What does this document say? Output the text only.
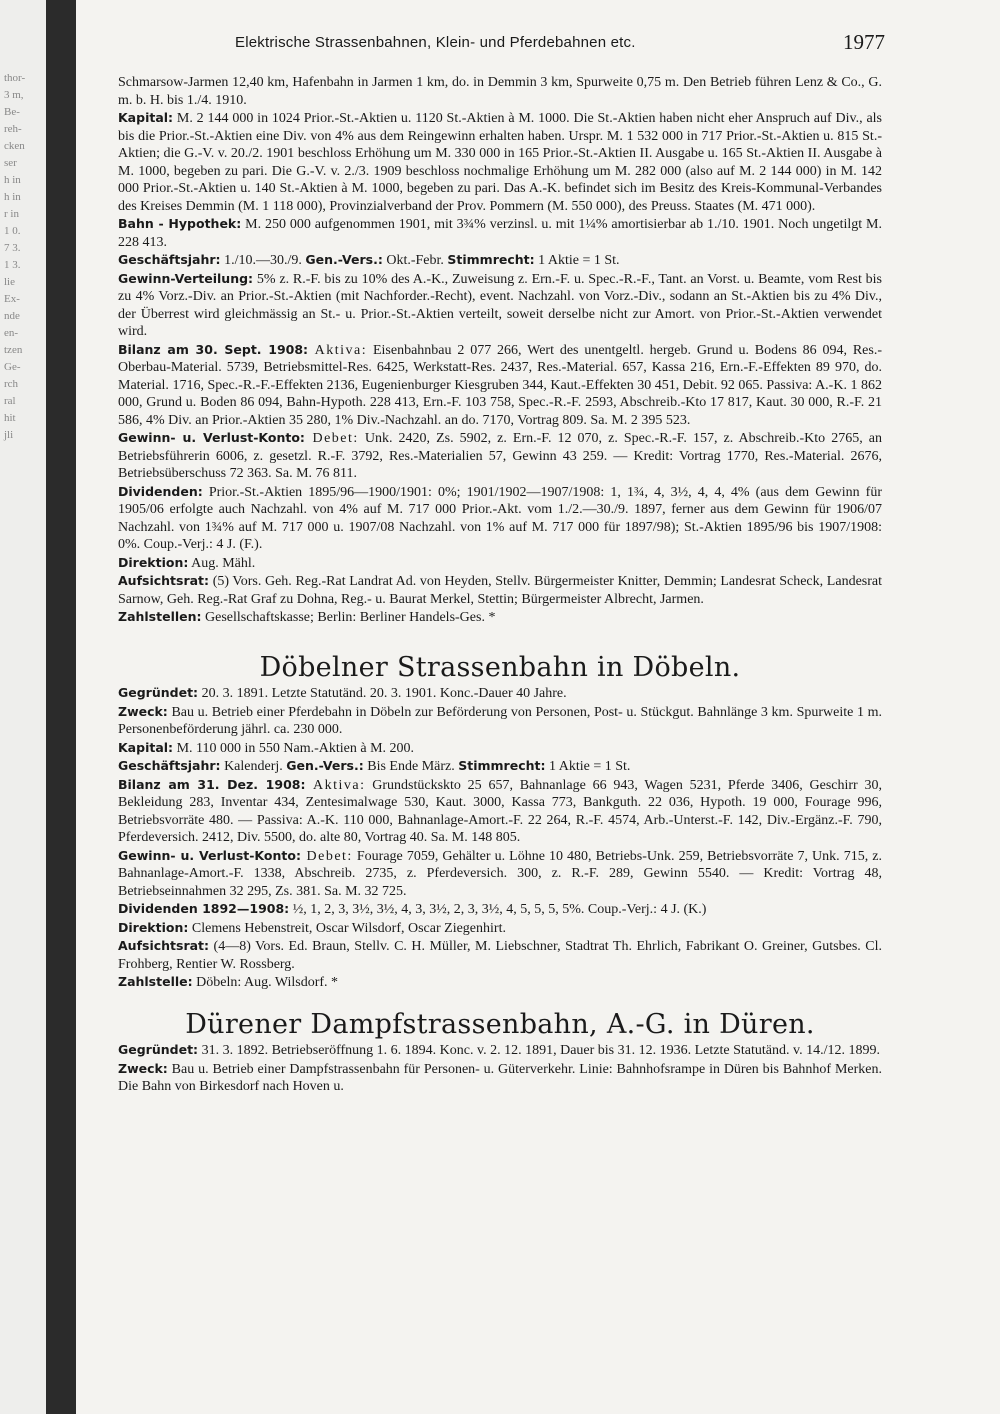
thor-
3 m,
Be-
reh-
cken
ser
h in
h in
r in
1 0.
7 3.
1 3.
lie
Ex-
nde
en-
tzen
Ge-
rch
ral
hit
jli
Elektrische Strassenbahnen, Klein- und Pferdebahnen etc.	1977

Schmarsow-Jarmen 12,40 km, Hafenbahn in Jarmen 1 km, do. in Demmin 3 km, Spurweite 0,75 m. Den Betrieb führen Lenz & Co., G. m. b. H. bis 1./4. 1910.

Kapital: M. 2 144 000 in 1024 Prior.-St.-Aktien u. 1120 St.-Aktien à M. 1000. Die St.-Aktien haben nicht eher Anspruch auf Div., als bis die Prior.-St.-Aktien eine Div. von 4% aus dem Reingewinn erhalten haben. Urspr. M. 1 532 000 in 717 Prior.-St.-Aktien u. 815 St.-Aktien; die G.-V. v. 20./2. 1901 beschloss Erhöhung um M. 330 000 in 165 Prior.-St.-Aktien II. Ausgabe u. 165 St.-Aktien II. Ausgabe à M. 1000, begeben zu pari. Die G.-V. v. 2./3. 1909 beschloss nochmalige Erhöhung um M. 282 000 (also auf M. 2 144 000) in M. 142 000 Prior.-St.-Aktien u. 140 St.-Aktien à M. 1000, begeben zu pari. Das A.-K. befindet sich im Besitz des Kreis-Kommunal-Verbandes des Kreises Demmin (M. 1 118 000), Provinzialverband der Prov. Pommern (M. 550 000), des Preuss. Staates (M. 471 000).

Bahn - Hypothek: M. 250 000 aufgenommen 1901, mit 3¾% verzinsl. u. mit 1¼% amortisierbar ab 1./10. 1901. Noch ungetilgt M. 228 413.

Geschäftsjahr: 1./10.—30./9. Gen.-Vers.: Okt.-Febr. Stimmrecht: 1 Aktie = 1 St.

Gewinn-Verteilung: 5% z. R.-F. bis zu 10% des A.-K., Zuweisung z. Ern.-F. u. Spec.-R.-F., Tant. an Vorst. u. Beamte, vom Rest bis zu 4% Vorz.-Div. an Prior.-St.-Aktien (mit Nachforder.-Recht), event. Nachzahl. von Vorz.-Div., sodann an St.-Aktien bis zu 4% Div., der Überrest wird gleichmässig an St.- u. Prior.-St.-Aktien verteilt, soweit derselbe nicht zur Amort. von Prior.-St.-Aktien verwendet wird.

Bilanz am 30. Sept. 1908: Aktiva: Eisenbahnbau 2 077 266, Wert des unentgeltl. hergeb. Grund u. Bodens 86 094, Res.-Oberbau-Material. 5739, Betriebsmittel-Res. 6425, Werkstatt-Res. 2437, Res.-Material. 657, Kassa 216, Ern.-F.-Effekten 89 970, do. Material. 1716, Spec.-R.-F.-Effekten 2136, Eugenienburger Kiesgruben 344, Kaut.-Effekten 30 451, Debit. 92 065. Passiva: A.-K. 1 862 000, Grund u. Boden 86 094, Bahn-Hypoth. 228 413, Ern.-F. 103 758, Spec.-R.-F. 2593, Abschreib.-Kto 17 817, Kaut. 30 000, R.-F. 21 586, 4% Div. an Prior.-Aktien 35 280, 1% Div.-Nachzahl. an do. 7170, Vortrag 809. Sa. M. 2 395 523.

Gewinn- u. Verlust-Konto: Debet: Unk. 2420, Zs. 5902, z. Ern.-F. 12 070, z. Spec.-R.-F. 157, z. Abschreib.-Kto 2765, an Betriebsführerin 6006, z. gesetzl. R.-F. 3792, Res.-Materialien 57, Gewinn 43 259. — Kredit: Vortrag 1770, Res.-Material. 2676, Betriebsüberschuss 72 363. Sa. M. 76 811.

Dividenden: Prior.-St.-Aktien 1895/96—1900/1901: 0%; 1901/1902—1907/1908: 1, 1¾, 4, 3½, 4, 4, 4% (aus dem Gewinn für 1905/06 erfolgte auch Nachzahl. von 4% auf M. 717 000 Prior.-Akt. vom 1./2.—30./9. 1897, ferner aus dem Gewinn für 1906/07 Nachzahl. von 1¾% auf M. 717 000 u. 1907/08 Nachzahl. von 1% auf M. 717 000 für 1897/98); St.-Aktien 1895/96 bis 1907/1908: 0%. Coup.-Verj.: 4 J. (F.).

Direktion: Aug. Mähl.

Aufsichtsrat: (5) Vors. Geh. Reg.-Rat Landrat Ad. von Heyden, Stellv. Bürgermeister Knitter, Demmin; Landesrat Scheck, Landesrat Sarnow, Geh. Reg.-Rat Graf zu Dohna, Reg.- u. Baurat Merkel, Stettin; Bürgermeister Albrecht, Jarmen.

Zahlstellen: Gesellschaftskasse; Berlin: Berliner Handels-Ges. *

Döbelner Strassenbahn in Döbeln.

Gegründet: 20. 3. 1891. Letzte Statutänd. 20. 3. 1901. Konc.-Dauer 40 Jahre.

Zweck: Bau u. Betrieb einer Pferdebahn in Döbeln zur Beförderung von Personen, Post- u. Stückgut. Bahnlänge 3 km. Spurweite 1 m. Personenbeförderung jährl. ca. 230 000.

Kapital: M. 110 000 in 550 Nam.-Aktien à M. 200.

Geschäftsjahr: Kalenderj. Gen.-Vers.: Bis Ende März. Stimmrecht: 1 Aktie = 1 St.

Bilanz am 31. Dez. 1908: Aktiva: Grundstückskto 25 657, Bahnanlage 66 943, Wagen 5231, Pferde 3406, Geschirr 30, Bekleidung 283, Inventar 434, Zentesimalwage 530, Kaut. 3000, Kassa 773, Bankguth. 22 036, Hypoth. 19 000, Fourage 996, Betriebsvorräte 480. — Passiva: A.-K. 110 000, Bahnanlage-Amort.-F. 22 264, R.-F. 4574, Arb.-Unterst.-F. 142, Div.-Ergänz.-F. 790, Pferdeversich. 2412, Div. 5500, do. alte 80, Vortrag 40. Sa. M. 148 805.

Gewinn- u. Verlust-Konto: Debet: Fourage 7059, Gehälter u. Löhne 10 480, Betriebs-Unk. 259, Betriebsvorräte 7, Unk. 715, z. Bahnanlage-Amort.-F. 1338, Abschreib. 2735, z. Pferdeversich. 300, z. R.-F. 289, Gewinn 5540. — Kredit: Vortrag 48, Betriebseinnahmen 32 295, Zs. 381. Sa. M. 32 725.

Dividenden 1892—1908: ½, 1, 2, 3, 3½, 3½, 4, 3, 3½, 2, 3, 3½, 4, 5, 5, 5, 5%. Coup.-Verj.: 4 J. (K.)

Direktion: Clemens Hebenstreit, Oscar Wilsdorf, Oscar Ziegenhirt.

Aufsichtsrat: (4—8) Vors. Ed. Braun, Stellv. C. H. Müller, M. Liebschner, Stadtrat Th. Ehrlich, Fabrikant O. Greiner, Gutsbes. Cl. Frohberg, Rentier W. Rossberg.

Zahlstelle: Döbeln: Aug. Wilsdorf. *

Dürener Dampfstrassenbahn, A.-G. in Düren.

Gegründet: 31. 3. 1892. Betriebseröffnung 1. 6. 1894. Konc. v. 2. 12. 1891, Dauer bis 31. 12. 1936. Letzte Statutänd. v. 14./12. 1899.

Zweck: Bau u. Betrieb einer Dampfstrassenbahn für Personen- u. Güterverkehr. Linie: Bahnhofsrampe in Düren bis Bahnhof Merken. Die Bahn von Birkesdorf nach Hoven u.
